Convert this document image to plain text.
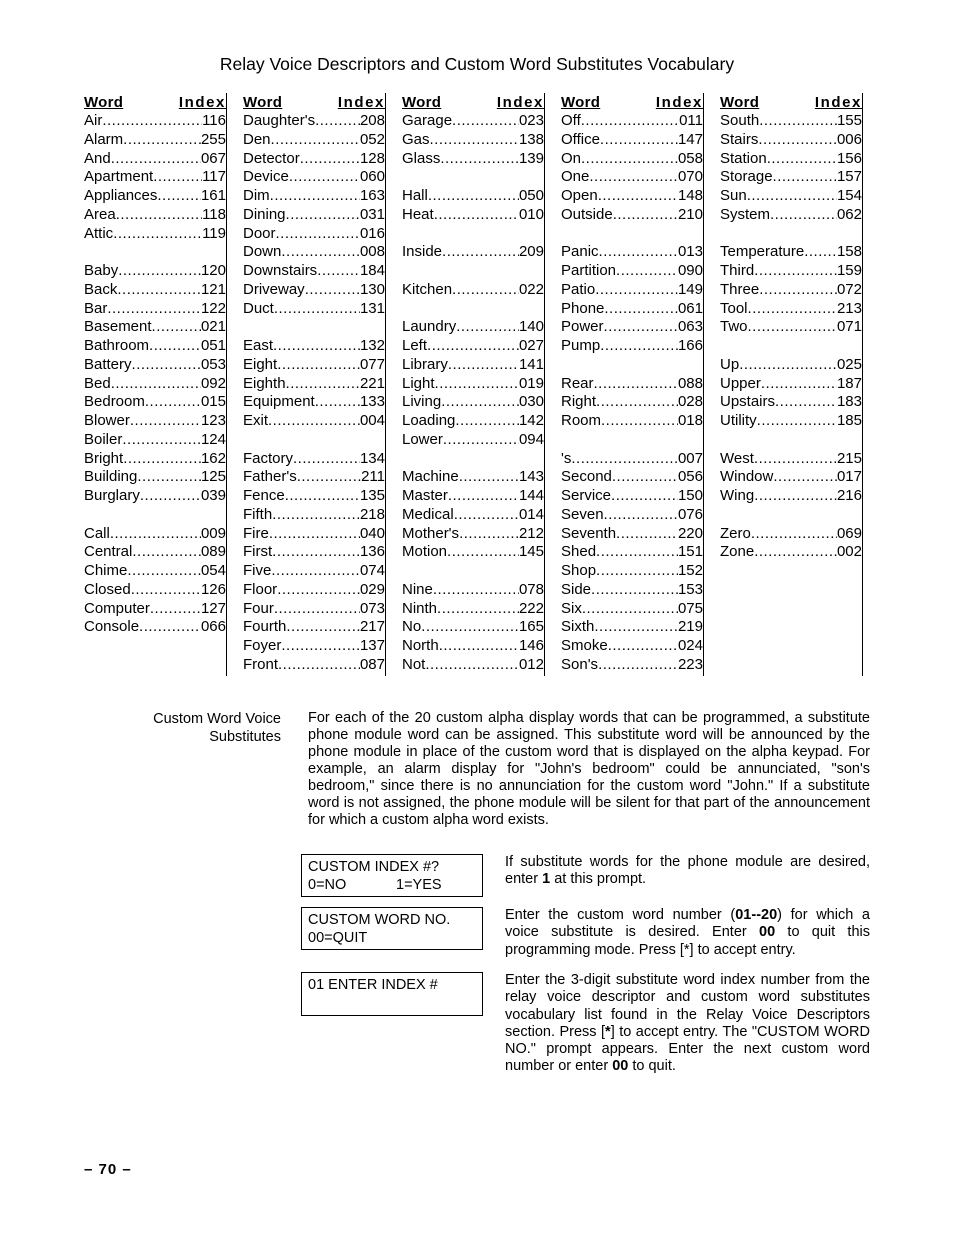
Relay Voice Descriptors and Custom Word Substitutes Vocabulary
Word	Index
Air .....	116
Alarm .....	255
And .....	067
Apartment .....	117
Appliances .....	161
Area .....	118
Attic .....	119
Baby .....	120
Back .....	121
Bar .....	122
Basement .....	021
Bathroom .....	051
Battery .....	053
Bed .....	092
Bedroom .....	015
Blower .....	123
Boiler .....	124
Bright .....	162
Building .....	125
Burglary .....	039
Call .....	009
Central .....	089
Chime .....	054
Closed .....	126
Computer .....	127
Console .....	066
Word	Index
Daughter's .....	208
Den .....	052
Detector .....	128
Device .....	060
Dim .....	163
Dining .....	031
Door .....	016
Down .....	008
Downstairs .....	184
Driveway .....	130
Duct .....	131
East .....	132
Eight .....	077
Eighth .....	221
Equipment .....	133
Exit .....	004
Factory .....	134
Father's .....	211
Fence .....	135
Fifth .....	218
Fire .....	040
First .....	136
Five .....	074
Floor .....	029
Four .....	073
Fourth .....	217
Foyer .....	137
Front .....	087
Word	Index
Garage .....	023
Gas .....	138
Glass .....	139
Hall .....	050
Heat .....	010
Inside .....	209
Kitchen .....	022
Laundry .....	140
Left .....	027
Library .....	141
Light .....	019
Living .....	030
Loading .....	142
Lower .....	094
Machine .....	143
Master .....	144
Medical .....	014
Mother's .....	212
Motion .....	145
Nine .....	078
Ninth .....	222
No .....	165
North .....	146
Not .....	012
Word	Index
Off .....	011
Office .....	147
On .....	058
One .....	070
Open .....	148
Outside .....	210
Panic .....	013
Partition .....	090
Patio .....	149
Phone .....	061
Power .....	063
Pump .....	166
Rear .....	088
Right .....	028
Room .....	018
's .....	007
Second .....	056
Service .....	150
Seven .....	076
Seventh .....	220
Shed .....	151
Shop .....	152
Side .....	153
Six .....	075
Sixth .....	219
Smoke .....	024
Son's .....	223
Word	Index
South .....	155
Stairs .....	006
Station .....	156
Storage .....	157
Sun .....	154
System .....	062
Temperature ..... 158
Third .....	159
Three .....	072
Tool .....	213
Two .....	071
Up .....	025
Upper .....	187
Upstairs .....	183
Utility .....	185
West .....	215
Window .....	017
Wing .....	216
Zero .....	069
Zone .....	002
Custom Word Voice
Substitutes
For each of the 20 custom alpha display words that can be programmed, a substitute phone module word can be assigned. This substitute word will be announced by the phone module in place of the custom word that is displayed on the alpha keypad. For example, an alarm display for "John's bedroom" could be annunciated, "son's bedroom," since there is no annunciation for the custom word "John." If a substitute word is not assigned, the phone module will be silent for that part of the announcement for which a custom alpha word exists.
CUSTOM INDEX #?
0=NO	1=YES
If substitute words for the phone module are desired, enter 1 at this prompt.
CUSTOM WORD NO.
00=QUIT
Enter the custom word number (01--20) for which a voice substitute is desired. Enter 00 to quit this programming mode. Press [*] to accept entry.
01 ENTER INDEX #	Enter the 3-digit substitute word index number from the relay voice descriptor and custom word substitutes vocabulary list found in the Relay Voice Descriptors section. Press [*] to accept entry. The "CUSTOM WORD NO." prompt appears. Enter the next custom word number or enter 00 to quit.
– 70 –
